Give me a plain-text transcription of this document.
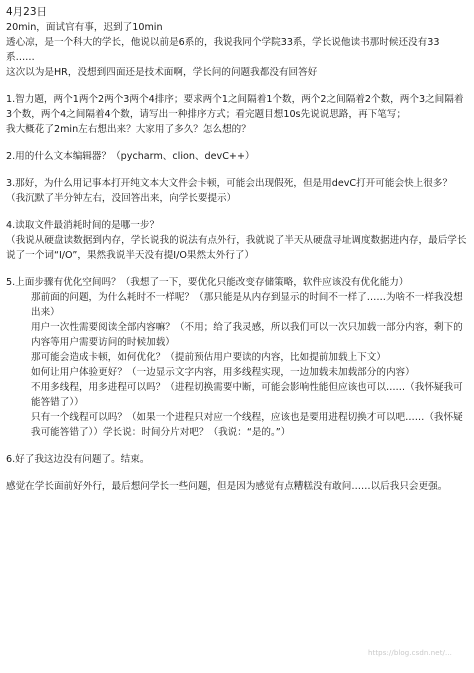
4月23日

20min，面试官有事，迟到了10min

透心凉，是一个科大的学长，他说以前是6系的，我说我同个学院33系，学长说他读书那时候还没有33系……

这次以为是HR，没想到四面还是技术面啊，学长问的问题我都没有回答好

1.智力题，两个1两个2两个3两个4排序；要求两个1之间隔着1个数，两个2之间隔着2个数，两个3之间隔着3个数，两个4之间隔着4个数，请写出一种排序方式；看完题目想10s先说说思路，再下笔写；

我大概花了2min左右想出来？大家用了多久？怎么想的？

2.用的什么文本编辑器？（pycharm、clion、devC++）

3.那好，为什么用记事本打开纯文本大文件会卡顿，可能会出现假死，但是用devC打开可能会快上很多？

（我沉默了半分钟左右，没回答出来，向学长要提示）

4.读取文件最消耗时间的是哪一步？

（我说从硬盘读数据到内存，学长说我的说法有点外行，我就说了半天从硬盘寻址调度数据进内存，最后学长说了一个词“I/O”，果然我说半天没有提I/O果然太外行了）

5.上面步骤有优化空间吗？（我想了一下，要优化只能改变存储策略，软件应该没有优化能力）

那前面的问题，为什么耗时不一样呢？（那只能是从内存到显示的时间不一样了……为啥不一样我没想出来）

用户一次性需要阅读全部内容嘛？（不用；给了我灵感，所以我们可以一次只加载一部分内容，剩下的内容等用户需要访问的时候加载）

那可能会造成卡顿，如何优化？（提前预估用户要读的内容，比如提前加载上下文）

如何让用户体验更好？（一边显示文字内容，用多线程实现，一边加载未加载部分的内容）

不用多线程，用多进程可以吗？（进程切换需要中断，可能会影响性能但应该也可以……（我怀疑我可能答错了））

只有一个线程可以吗？（如果一个进程只对应一个线程，应该也是要用进程切换才可以吧……（我怀疑我可能答错了））学长说：时间分片对吧？（我说：“是的。”）

6.好了我这边没有问题了。结束。

感觉在学长面前好外行，最后想问学长一些问题，但是因为感觉有点糟糕没有敢问……以后我只会更强。

https://blog.csdn.net/...
